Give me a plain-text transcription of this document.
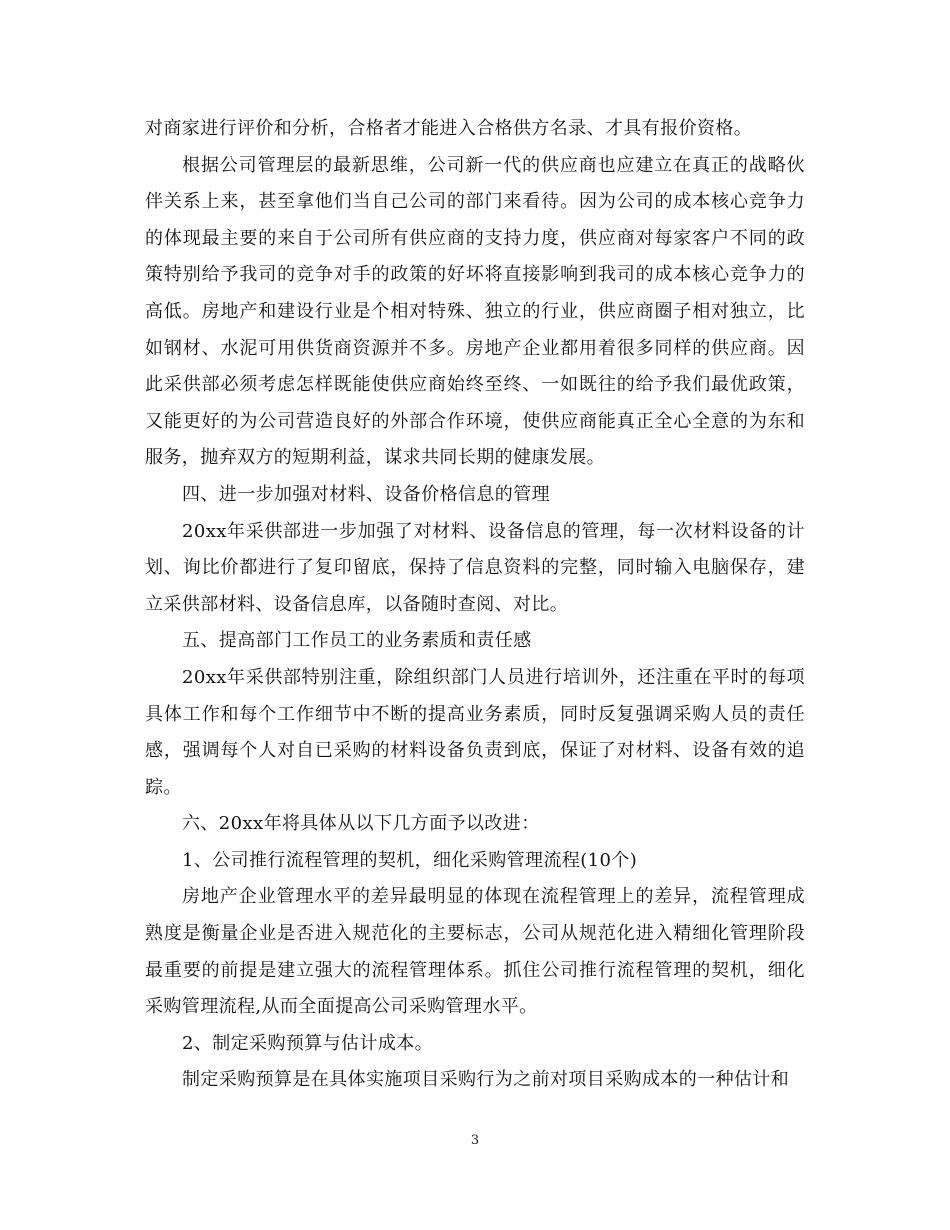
对商家进行评价和分析，合格者才能进入合格供方名录、才具有报价资格。

根据公司管理层的最新思维，公司新一代的供应商也应建立在真正的战略伙伴关系上来，甚至拿他们当自己公司的部门来看待。因为公司的成本核心竞争力的体现最主要的来自于公司所有供应商的支持力度，供应商对每家客户不同的政策特别给予我司的竞争对手的政策的好坏将直接影响到我司的成本核心竞争力的高低。房地产和建设行业是个相对特殊、独立的行业，供应商圈子相对独立，比如钢材、水泥可用供货商资源并不多。房地产企业都用着很多同样的供应商。因此采供部必须考虑怎样既能使供应商始终至终、一如既往的给予我们最优政策，又能更好的为公司营造良好的外部合作环境，使供应商能真正全心全意的为东和服务，抛弃双方的短期利益，谋求共同长期的健康发展。

四、进一步加强对材料、设备价格信息的管理

20xx年采供部进一步加强了对材料、设备信息的管理，每一次材料设备的计划、询比价都进行了复印留底，保持了信息资料的完整，同时输入电脑保存，建立采供部材料、设备信息库，以备随时查阅、对比。

五、提高部门工作员工的业务素质和责任感

20xx年采供部特别注重，除组织部门人员进行培训外，还注重在平时的每项具体工作和每个工作细节中不断的提高业务素质，同时反复强调采购人员的责任感，强调每个人对自已采购的材料设备负责到底，保证了对材料、设备有效的追踪。

六、20xx年将具体从以下几方面予以改进：

1、公司推行流程管理的契机，细化采购管理流程(10个)

房地产企业管理水平的差异最明显的体现在流程管理上的差异，流程管理成熟度是衡量企业是否进入规范化的主要标志，公司从规范化进入精细化管理阶段最重要的前提是建立强大的流程管理体系。抓住公司推行流程管理的契机，细化采购管理流程,从而全面提高公司采购管理水平。

2、制定采购预算与估计成本。

制定采购预算是在具体实施项目采购行为之前对项目采购成本的一种估计和

3
